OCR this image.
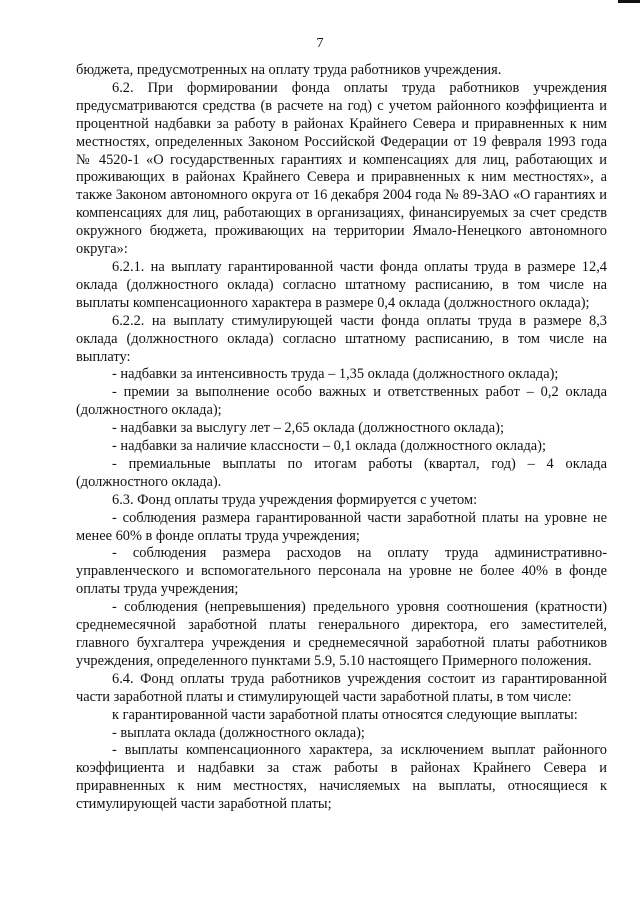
7

бюджета, предусмотренных на оплату труда работников учреждения.

6.2. При формировании фонда оплаты труда работников учреждения предусматриваются средства (в расчете на год) с учетом районного коэффициента и процентной надбавки за работу в районах Крайнего Севера и приравненных к ним местностях, определенных Законом Российской Федерации от 19 февраля 1993 года № 4520-1 «О государственных гарантиях и компенсациях для лиц, работающих и проживающих в районах Крайнего Севера и приравненных к ним местностях», а также Законом автономного округа от 16 декабря 2004 года № 89-ЗАО «О гарантиях и компенсациях для лиц, работающих в организациях, финансируемых за счет средств окружного бюджета, проживающих на территории Ямало-Ненецкого автономного округа»:

6.2.1. на выплату гарантированной части фонда оплаты труда в размере 12,4 оклада (должностного оклада) согласно штатному расписанию, в том числе на выплаты компенсационного характера в размере 0,4 оклада (должностного оклада);

6.2.2. на выплату стимулирующей части фонда оплаты труда в размере 8,3 оклада (должностного оклада) согласно штатному расписанию, в том числе на выплату:

- надбавки за интенсивность труда – 1,35 оклада (должностного оклада);

- премии за выполнение особо важных и ответственных работ – 0,2 оклада (должностного оклада);

- надбавки за выслугу лет – 2,65 оклада (должностного оклада);

- надбавки за наличие классности – 0,1 оклада (должностного оклада);

- премиальные выплаты по итогам работы (квартал, год) – 4 оклада (должностного оклада).

6.3. Фонд оплаты труда учреждения формируется с учетом:

- соблюдения размера гарантированной части заработной платы на уровне не менее 60% в фонде оплаты труда учреждения;

- соблюдения размера расходов на оплату труда административно-управленческого и вспомогательного персонала на уровне не более 40% в фонде оплаты труда учреждения;

- соблюдения (непревышения) предельного уровня соотношения (кратности) среднемесячной заработной платы генерального директора, его заместителей, главного бухгалтера учреждения и среднемесячной заработной платы работников учреждения, определенного пунктами 5.9, 5.10 настоящего Примерного положения.

6.4. Фонд оплаты труда работников учреждения состоит из гарантированной части заработной платы и стимулирующей части заработной платы, в том числе:

к гарантированной части заработной платы относятся следующие выплаты:

- выплата оклада (должностного оклада);

- выплаты компенсационного характера, за исключением выплат районного коэффициента и надбавки за стаж работы в районах Крайнего Севера и приравненных к ним местностях, начисляемых на выплаты, относящиеся к стимулирующей части заработной платы;
